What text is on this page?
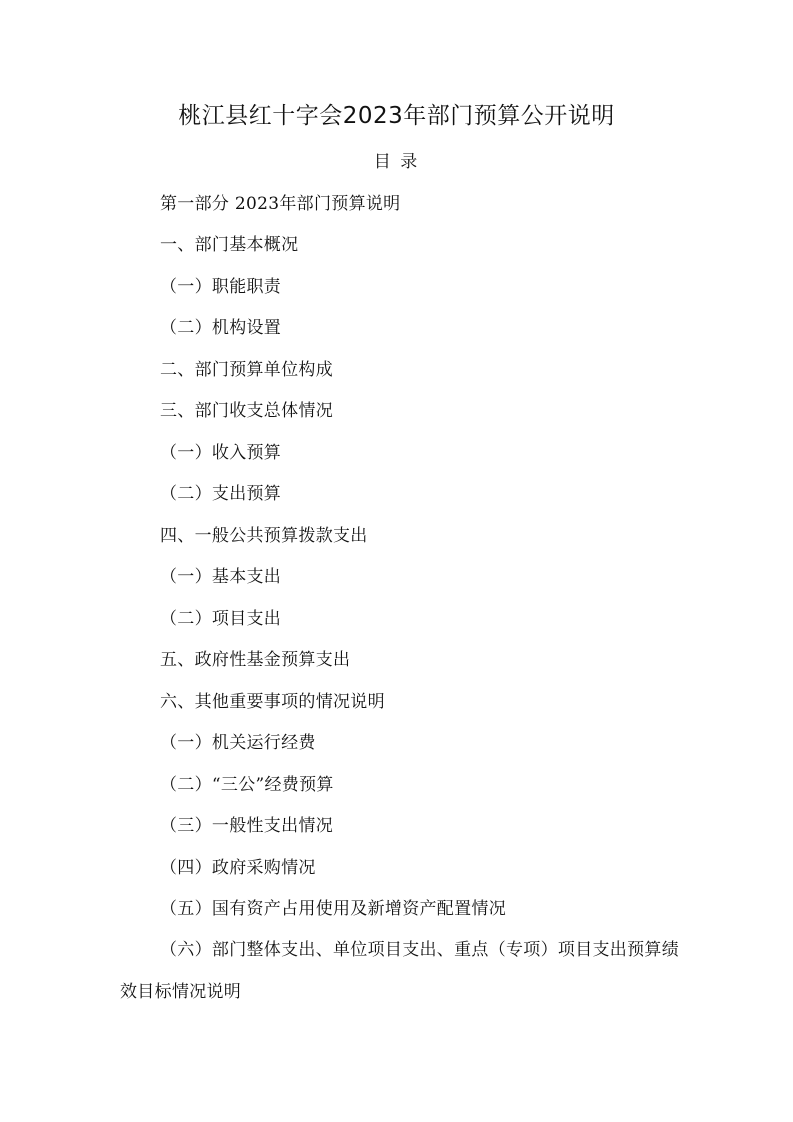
桃江县红十字会2023年部门预算公开说明
目 录
第一部分 2023年部门预算说明
一、部门基本概况
（一）职能职责
（二）机构设置
二、部门预算单位构成
三、部门收支总体情况
（一）收入预算
（二）支出预算
四、一般公共预算拨款支出
（一）基本支出
（二）项目支出
五、政府性基金预算支出
六、其他重要事项的情况说明
（一）机关运行经费
（二）“三公”经费预算
（三）一般性支出情况
（四）政府采购情况
（五）国有资产占用使用及新增资产配置情况
（六）部门整体支出、单位项目支出、重点（专项）项目支出预算绩效目标情况说明
